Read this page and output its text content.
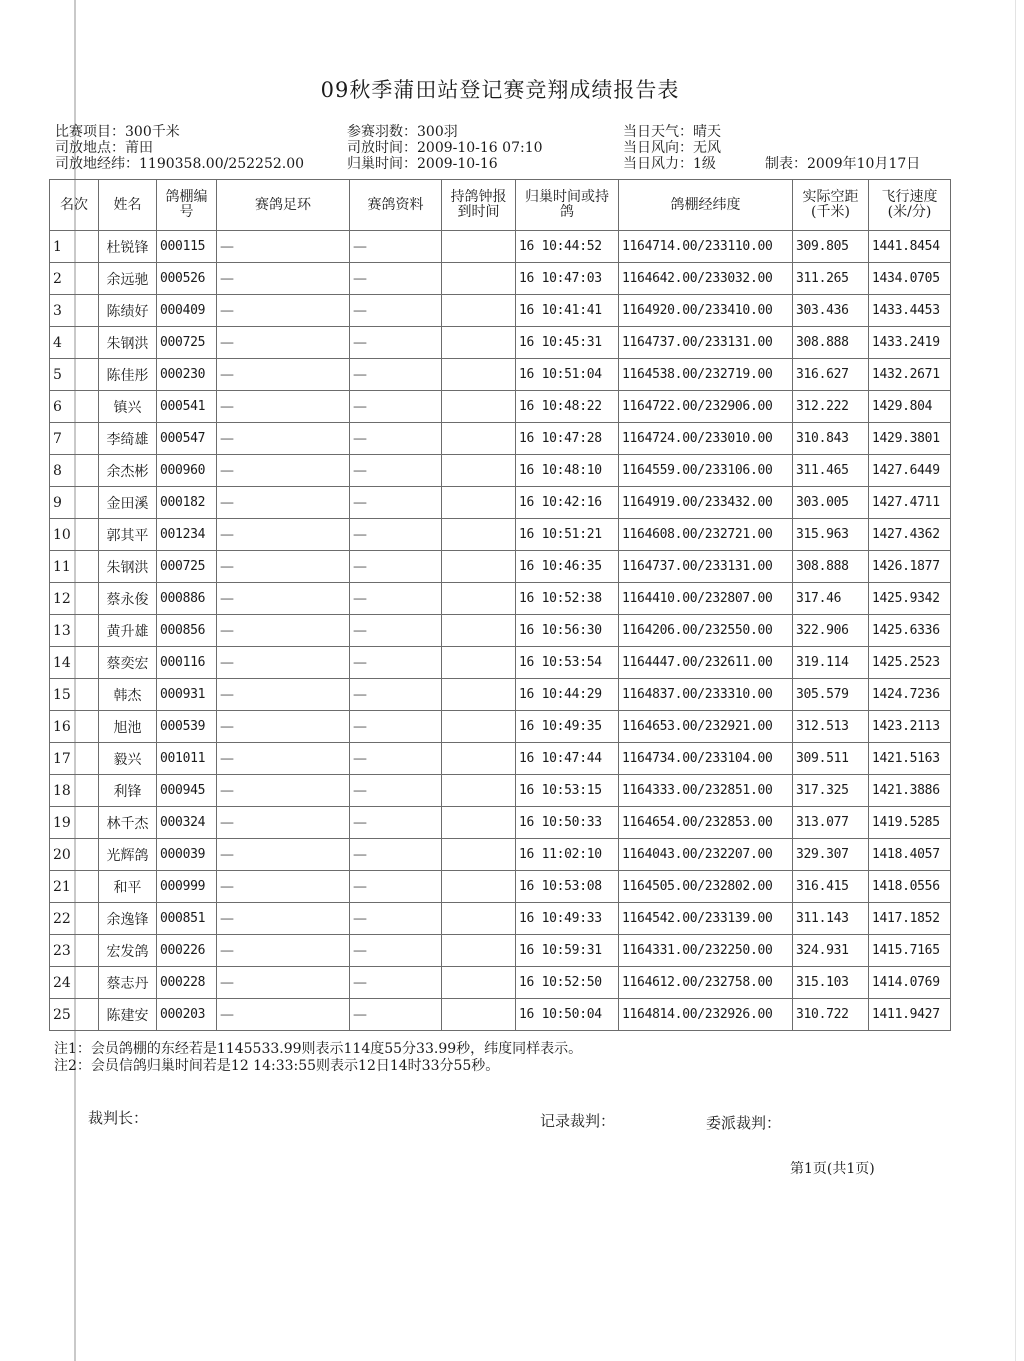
09秋季蒲田站登记赛竞翔成绩报告表
比赛项目：300千米
司放地点：莆田
司放地经纬：1190358.00/252252.00
参赛羽数：300羽
司放时间：2009-10-16 07:10
归巢时间：2009-10-16
当日天气：晴天
当日风向：无风
当日风力：1级	制表：2009年10月17日
名次	姓名	鸽棚编号	赛鸽足环	赛鸽资料	持鸽钟报到时间	归巢时间或持鸽	鸽棚经纬度	实际空距(千米)	飞行速度(米/分)
1	杜锐锋	000115	—	—		16 10:44:52	1164714.00/233110.00	309.805	1441.8454
2	余远驰	000526	—	—		16 10:47:03	1164642.00/233032.00	311.265	1434.0705
3	陈绩好	000409	—	—		16 10:41:41	1164920.00/233410.00	303.436	1433.4453
4	朱钢洪	000725	—	—		16 10:45:31	1164737.00/233131.00	308.888	1433.2419
5	陈佳彤	000230	—	—		16 10:51:04	1164538.00/232719.00	316.627	1432.2671
6	镇兴	000541	—	—		16 10:48:22	1164722.00/232906.00	312.222	1429.804
7	李绮雄	000547	—	—		16 10:47:28	1164724.00/233010.00	310.843	1429.3801
8	余杰彬	000960	—	—		16 10:48:10	1164559.00/233106.00	311.465	1427.6449
9	金田溪	000182	—	—		16 10:42:16	1164919.00/233432.00	303.005	1427.4711
10	郭其平	001234	—	—		16 10:51:21	1164608.00/232721.00	315.963	1427.4362
11	朱钢洪	000725	—	—		16 10:46:35	1164737.00/233131.00	308.888	1426.1877
12	蔡永俊	000886	—	—		16 10:52:38	1164410.00/232807.00	317.46	1425.9342
13	黄升雄	000856	—	—		16 10:56:30	1164206.00/232550.00	322.906	1425.6336
14	蔡奕宏	000116	—	—		16 10:53:54	1164447.00/232611.00	319.114	1425.2523
15	韩杰	000931	—	—		16 10:44:29	1164837.00/233310.00	305.579	1424.7236
16	旭池	000539	—	—		16 10:49:35	1164653.00/232921.00	312.513	1423.2113
17	毅兴	001011	—	—		16 10:47:44	1164734.00/233104.00	309.511	1421.5163
18	利锋	000945	—	—		16 10:53:15	1164333.00/232851.00	317.325	1421.3886
19	林千杰	000324	—	—		16 10:50:33	1164654.00/232853.00	313.077	1419.5285
20	光辉鸽	000039	—	—		16 11:02:10	1164043.00/232207.00	329.307	1418.4057
21	和平	000999	—	—		16 10:53:08	1164505.00/232802.00	316.415	1418.0556
22	余逸锋	000851	—	—		16 10:49:33	1164542.00/233139.00	311.143	1417.1852
23	宏发鸽	000226	—	—		16 10:59:31	1164331.00/232250.00	324.931	1415.7165
24	蔡志丹	000228	—	—		16 10:52:50	1164612.00/232758.00	315.103	1414.0769
25	陈建安	000203	—	—		16 10:50:04	1164814.00/232926.00	310.722	1411.9427
注1：会员鸽棚的东经若是1145533.99则表示114度55分33.99秒，纬度同样表示。
注2：会员信鸽归巢时间若是12 14:33:55则表示12日14时33分55秒。
裁判长：	记录裁判：	委派裁判：
第1页(共1页)
